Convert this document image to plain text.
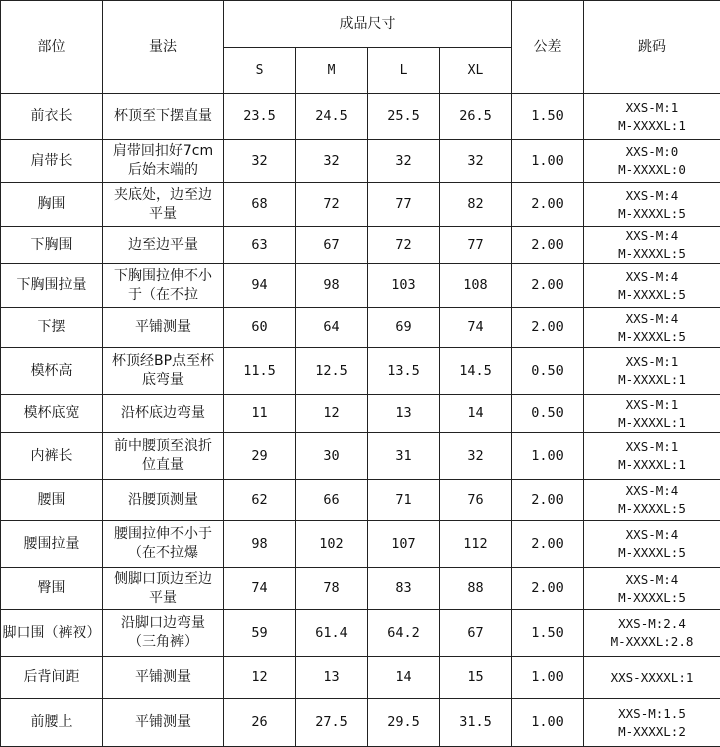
部位	量法	成品尺寸				公差	跳码
		S	M	L	XL		
前衣长	杯顶至下摆直量	23.5	24.5	25.5	26.5	1.50	XXS-M:1
M-XXXXL:1

肩带长	肩带回扣好7cm后始末端的	32	32	32	32	1.00	XXS-M:0
M-XXXXL:0

胸围	夹底处，边至边平量	68	72	77	82	2.00	XXS-M:4
M-XXXXL:5

下胸围	边至边平量	63	67	72	77	2.00	XXS-M:4
M-XXXXL:5

下胸围拉量	下胸围拉伸不小于（在不拉	94	98	103	108	2.00	XXS-M:4
M-XXXXL:5

下摆	平铺测量	60	64	69	74	2.00	XXS-M:4
M-XXXXL:5

模杯高	杯顶经BP点至杯底弯量	11.5	12.5	13.5	14.5	0.50	XXS-M:1
M-XXXXL:1

模杯底宽	沿杯底边弯量	11	12	13	14	0.50	XXS-M:1
M-XXXXL:1

内裤长	前中腰顶至浪折位直量	29	30	31	32	1.00	XXS-M:1
M-XXXXL:1

腰围	沿腰顶测量	62	66	71	76	2.00	XXS-M:4
M-XXXXL:5

腰围拉量	腰围拉伸不小于（在不拉爆	98	102	107	112	2.00	XXS-M:4
M-XXXXL:5

臀围	侧脚口顶边至边平量	74	78	83	88	2.00	XXS-M:4
M-XXXXL:5

脚口围（裤衩）	沿脚口边弯量（三角裤）	59	61.4	64.2	67	1.50	XXS-M:2.4
M-XXXXL:2.8

后背间距	平铺测量	12	13	14	15	1.00	XXS-XXXXL:1

前腰上	平铺测量	26	27.5	29.5	31.5	1.00	XXS-M:1.5
M-XXXXL:2
